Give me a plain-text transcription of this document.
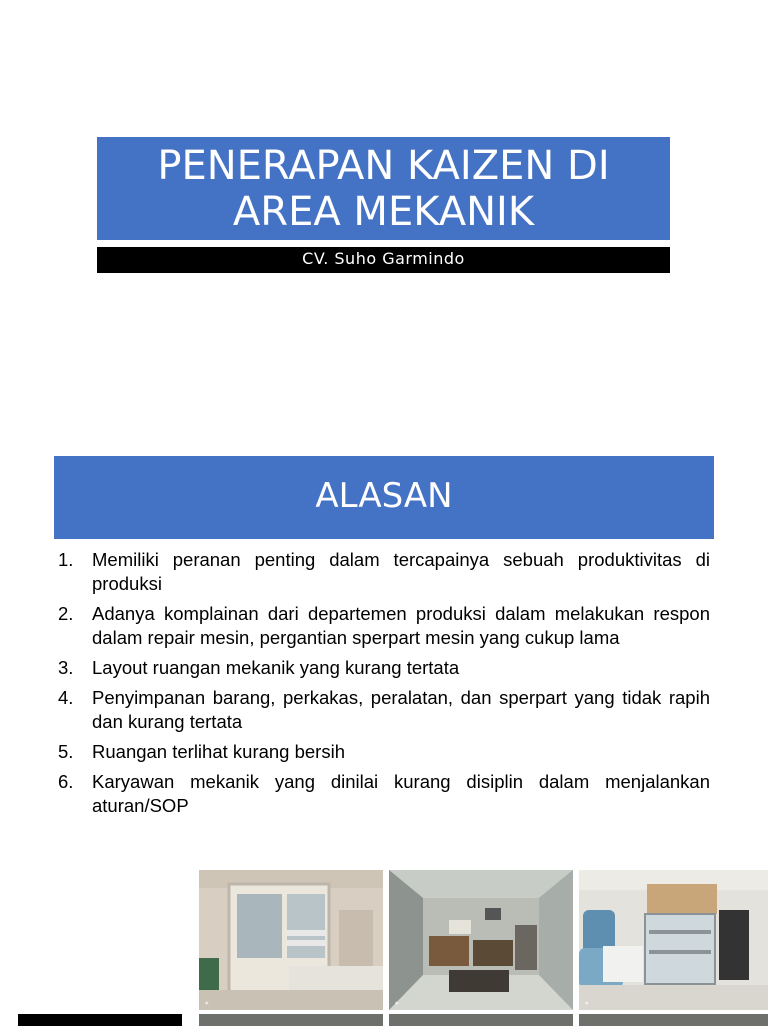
PENERAPAN KAIZEN DI
AREA MEKANIK
CV. Suho Garmindo
ALASAN
1. Memiliki peranan penting dalam tercapainya sebuah produktivitas di produksi
2. Adanya komplainan dari departemen produksi dalam melakukan respon dalam repair mesin, pergantian sperpart mesin yang cukup lama
3. Layout ruangan mekanik yang kurang tertata
4. Penyimpanan barang, perkakas, peralatan, dan sperpart yang tidak rapih dan kurang tertata
5. Ruangan terlihat kurang bersih
6. Karyawan mekanik yang dinilai kurang disiplin dalam menjalankan aturan/SOP
◉	◉	◉
